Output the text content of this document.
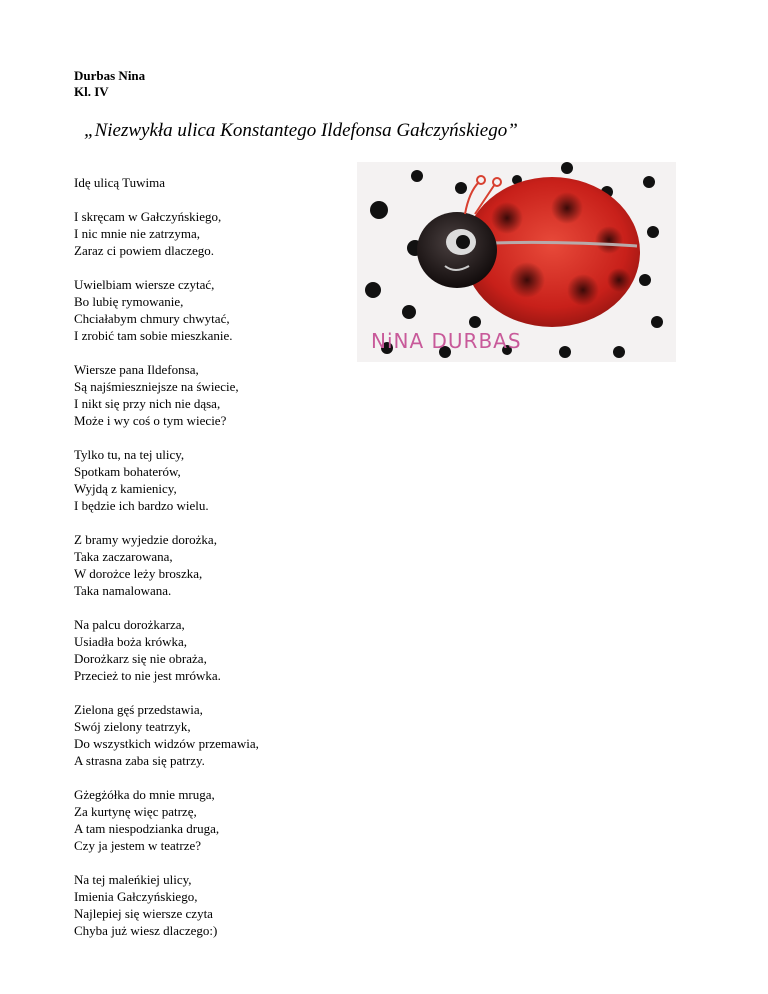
Durbas Nina
Kl. IV
„Niezwykła ulica Konstantego Ildefonsa Gałczyńskiego”
Idę ulicą Tuwima
I skręcam w Gałczyńskiego,
I nic mnie nie zatrzyma,
Zaraz ci powiem dlaczego.
Uwielbiam wiersze czytać,
Bo lubię rymowanie,
Chciałabym chmury chwytać,
I zrobić tam sobie mieszkanie.
Wiersze pana Ildefonsa,
Są najśmieszniejsze na świecie,
I nikt się przy nich nie dąsa,
Może i wy coś o tym wiecie?
Tylko tu, na tej ulicy,
Spotkam bohaterów,
Wyjdą z kamienicy,
I będzie ich bardzo wielu.
Z bramy wyjedzie dorożka,
Taka zaczarowana,
W dorożce leży broszka,
Taka namalowana.
Na palcu dorożkarza,
Usiadła boża krówka,
Dorożkarz się nie obraża,
Przecież to nie jest mrówka.
Zielona gęś przedstawia,
Swój zielony teatrzyk,
Do wszystkich widzów przemawia,
A strasna zaba się patrzy.
Gżegżółka do mnie mruga,
Za kurtynę więc patrzę,
A tam niespodzianka druga,
Czy ja jestem w teatrze?
Na tej maleńkiej ulicy,
Imienia Gałczyńskiego,
Najlepiej się wiersze czyta
Chyba już wiesz dlaczego:)
NiNA DURBAS
